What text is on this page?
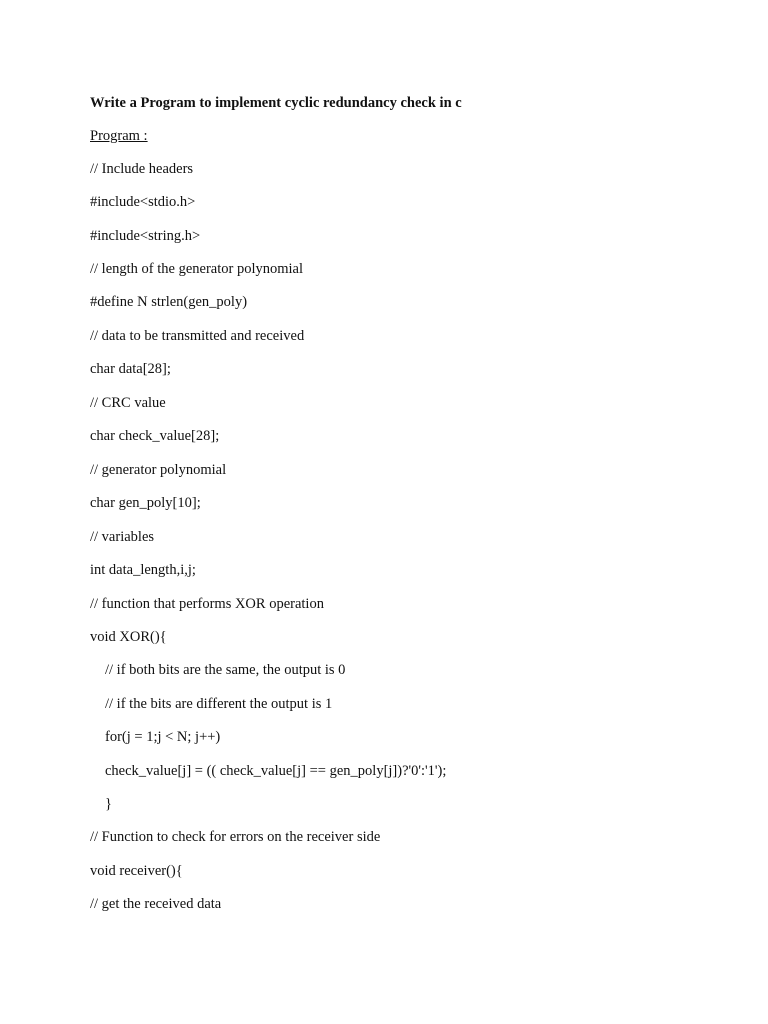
Write a Program to implement cyclic redundancy check in c
Program :
// Include headers
#include<stdio.h>
#include<string.h>
// length of the generator polynomial
#define N strlen(gen_poly)
// data to be transmitted and received
char data[28];
// CRC value
char check_value[28];
// generator polynomial
char gen_poly[10];
// variables
int data_length,i,j;
// function that performs XOR operation
void XOR(){
// if both bits are the same, the output is 0
// if the bits are different the output is 1
for(j = 1;j < N; j++)
check_value[j] = (( check_value[j] == gen_poly[j])?'0':'1');
}
// Function to check for errors on the receiver side
void receiver(){
// get the received data
